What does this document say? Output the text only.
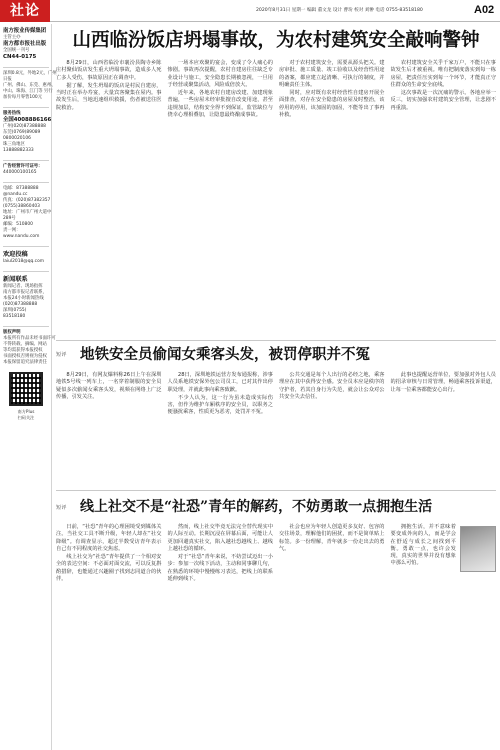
社论	2020年8月31日 星期一 编辑 董文龙 设计 曹玢 校对 刘翀 电话 0755-83518180	A02
南方报业传媒集团
主管主办
南方都市报社出版
全国统一刊号
CN44-0175
深圳0.8元，外地2元，广州
日报
广州、佛山、东莞、惠州、
中山、珠海、江门等 另行
加价每月零售100元
服务热线
全国4008886166
广州(020)87388888
东莞(0769)89089
0800020106
珠三角地区
13888882333
广告经营许可证号：
440000100165
电邮：87388888
@nandu.cc
传真：(020)87382357
(0755)38860403
地址：广州市广州大道中
289号
邮编：510800
责一网：
www.nandu.com
欢迎投稿
laiul2018@qq.com
新闻联系
新闻记者、现场指挥
南方都市报记者联系，
本报24小时新闻热线
(020)87388888
深圳(0755)
83518180
版权声明
本报所有作品未经书面许可
不得转载、摘编、网站
等均需获得本报授权
书面授权否则视为侵权
本报保留追究法律责任
南方Plus
扫码关注
山西临汾饭店坍塌事故，为农村建筑安全敲响警钟

8月29日，山西省临汾市襄汾县陶寺乡陈庄村聚仙饭店发生重大坍塌事故，造成多人死亡多人受伤，事故原因正在调查中。

据了解，发生坍塌的饭店是村民自建房，当时正在举办寿宴，大量宾客聚集在屋内。事故发生后，当地迅速组织救援，伤者被送往医院救治。

一场本应欢聚的宴会，变成了令人痛心的惨剧。事故再次提醒，农村自建房往往缺乏专业设计与施工，安全隐患长期被忽视，一旦用于经营或聚集活动，风险成倍放大。

近年来，各地农村自建房改建、加建现象普遍，一些房屋未经审批擅自改变用途，甚至违规加层，结构安全得不到保证。监管缺位与侥幸心理相叠加，让隐患最终酿成事故。

对于农村建筑安全，需要从源头把关。建房审批、施工质量、竣工验收以及经营性用途的备案，都应建立起清晰、可执行的制度，并明确责任主体。

同时，应对既有农村经营性自建房开展全面排查，对存在安全隐患的房屋及时整治，该停用的停用，该加固的加固，不能等出了事再补救。

农村建筑安全关乎千家万户，不能只在事故发生后才被重视。唯有把制度落实到每一栋房屋，把责任压实到每一个环节，才能真正守住群众的生命安全底线。

这次事故是一次沉痛的警示。各地应举一反三，切实加强农村建筑安全管理，让悲剧不再重演。

短评 地铁安全员偷闻女乘客头发，被罚停职并不冤

8月29日，有网友爆料称26日上午在深圳地铁5号线一列车上，一名穿着制服的安全员疑似多次偷闻女乘客头发，视频在网络上广泛传播，引发关注。

28日，深圳地铁运营方发布通报称，涉事人员系地铁安保外包公司员工，已对其作出停职处理，并就此事向乘客致歉。

不少人认为，这一行为虽未造成实际伤害，但作为维护车厢秩序的安全员，以职务之便骚扰乘客，性质更为恶劣，处罚并不冤。

公共交通是每个人出行的必经之地，乘客理应在其中获得安全感。安全员本应是秩序的守护者，若其自身行为失范，就会让公众对公共安全失去信任。

此事也提醒运营单位，要加强对外包人员的招录审核与日常管理，畅通乘客投诉渠道，让每一位乘客都能安心出行。

短评 线上社交不是“社恐”青年的解药，不妨勇敢一点拥抱生活

日前，“社恐”青年的心理困境受到媒体关注。当社交工具不断升级，年轻人却在“社交降级”。有调查显示，超过半数受访青年表示自己有不同程度的社交焦虑。

线上社交为“社恐”青年提供了一个相对安全的表达空间：不必面对面交流，可以反复斟酌措辞，也能通过兴趣圈子找到志同道合的伙伴。

然而，线上社交毕竟无法完全替代现实中的人际互动。长期沉浸在屏幕后面，可能让人更加回避真实社交，陷入越社恐越线上、越线上越社恐的循环。

对于“社恐”青年来说，不妨尝试迈出一小步：参加一次线下活动，主动和同事聊几句，在熟悉的环境中慢慢练习表达，把线上的联系延伸到线下。

社会也应为年轻人创造更多友好、包容的交往场景，理解他们的困扰，而不是简单贴上标签。多一份理解，青年就多一份走出去的勇气。

拥抱生活，并不意味着要变成外向的人，而是学会在舒适与成长之间找到平衡。勇敢一点，也许会发现，真实的世界并没有想象中那么可怕。
